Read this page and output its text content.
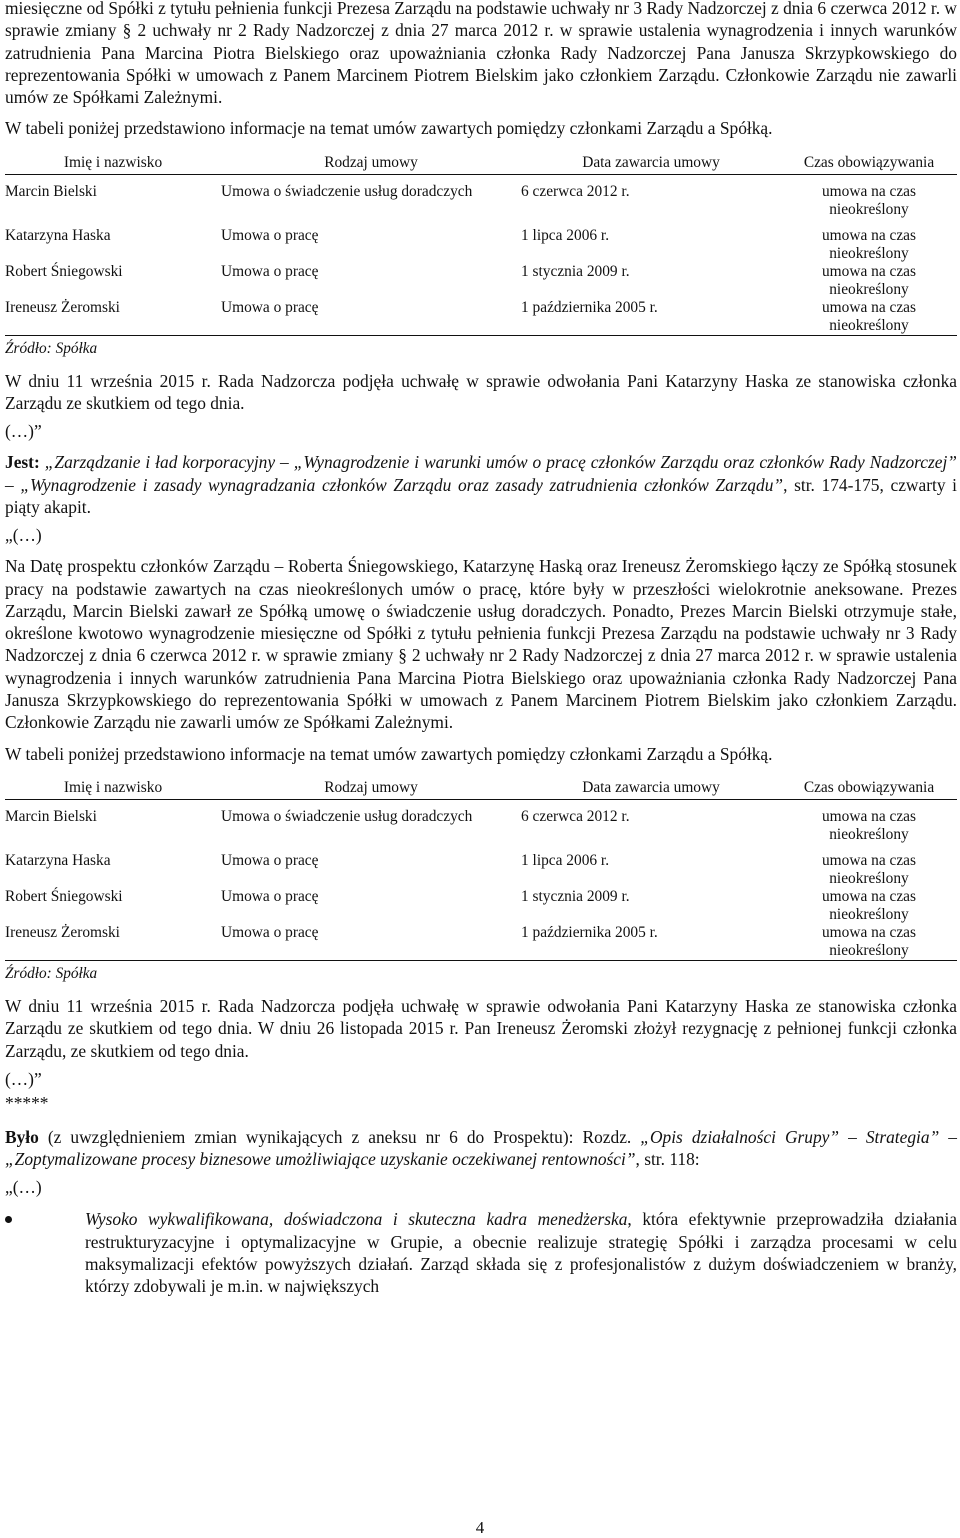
miesięczne od Spółki z tytułu pełnienia funkcji Prezesa Zarządu na podstawie uchwały nr 3 Rady Nadzorczej z dnia 6 czerwca 2012 r. w sprawie zmiany § 2 uchwały nr 2 Rady Nadzorczej z dnia 27 marca 2012 r. w sprawie ustalenia wynagrodzenia i innych warunków zatrudnienia Pana Marcina Piotra Bielskiego oraz upoważniania członka Rady Nadzorczej Pana Janusza Skrzypkowskiego do reprezentowania Spółki w umowach z Panem Marcinem Piotrem Bielskim jako członkiem Zarządu. Członkowie Zarządu nie zawarli umów ze Spółkami Zależnymi.

W tabeli poniżej przedstawiono informacje na temat umów zawartych pomiędzy członkami Zarządu a Spółką.

Imię i nazwisko	Rodzaj umowy	Data zawarcia umowy	Czas obowiązywania
Marcin Bielski	Umowa o świadczenie usług doradczych	6 czerwca 2012 r.	umowa na czas nieokreślony
Katarzyna Haska	Umowa o pracę	1 lipca 2006 r.	umowa na czas nieokreślony
Robert Śniegowski	Umowa o pracę	1 stycznia 2009 r.	umowa na czas nieokreślony
Ireneusz Żeromski	Umowa o pracę	1 października 2005 r.	umowa na czas nieokreślony
Źródło: Spółka

W dniu 11 września 2015 r. Rada Nadzorcza podjęła uchwałę w sprawie odwołania Pani Katarzyny Haska ze stanowiska członka Zarządu ze skutkiem od tego dnia.

(…)”

Jest: „Zarządzanie i ład korporacyjny – „Wynagrodzenie i warunki umów o pracę członków Zarządu oraz członków Rady Nadzorczej” – „Wynagrodzenie i zasady wynagradzania członków Zarządu oraz zasady zatrudnienia członków Zarządu”, str. 174-175, czwarty i piąty akapit.

„(…)

Na Datę prospektu członków Zarządu – Roberta Śniegowskiego, Katarzynę Haską oraz Ireneusz Żeromskiego łączy ze Spółką stosunek pracy na podstawie zawartych na czas nieokreślonych umów o pracę, które były w przeszłości wielokrotnie aneksowane. Prezes Zarządu, Marcin Bielski zawarł ze Spółką umowę o świadczenie usług doradczych. Ponadto, Prezes Marcin Bielski otrzymuje stałe, określone kwotowo wynagrodzenie miesięczne od Spółki z tytułu pełnienia funkcji Prezesa Zarządu na podstawie uchwały nr 3 Rady Nadzorczej z dnia 6 czerwca 2012 r. w sprawie zmiany § 2 uchwały nr 2 Rady Nadzorczej z dnia 27 marca 2012 r. w sprawie ustalenia wynagrodzenia i innych warunków zatrudnienia Pana Marcina Piotra Bielskiego oraz upoważniania członka Rady Nadzorczej Pana Janusza Skrzypkowskiego do reprezentowania Spółki w umowach z Panem Marcinem Piotrem Bielskim jako członkiem Zarządu. Członkowie Zarządu nie zawarli umów ze Spółkami Zależnymi.

W tabeli poniżej przedstawiono informacje na temat umów zawartych pomiędzy członkami Zarządu a Spółką.

Imię i nazwisko	Rodzaj umowy	Data zawarcia umowy	Czas obowiązywania
Marcin Bielski	Umowa o świadczenie usług doradczych	6 czerwca 2012 r.	umowa na czas nieokreślony
Katarzyna Haska	Umowa o pracę	1 lipca 2006 r.	umowa na czas nieokreślony
Robert Śniegowski	Umowa o pracę	1 stycznia 2009 r.	umowa na czas nieokreślony
Ireneusz Żeromski	Umowa o pracę	1 października 2005 r.	umowa na czas nieokreślony
Źródło: Spółka

W dniu 11 września 2015 r. Rada Nadzorcza podjęła uchwałę w sprawie odwołania Pani Katarzyny Haska ze stanowiska członka Zarządu ze skutkiem od tego dnia. W dniu 26 listopada 2015 r. Pan Ireneusz Żeromski złożył rezygnację z pełnionej funkcji członka Zarządu, ze skutkiem od tego dnia.

(…)”

*****

Było (z uwzględnieniem zmian wynikających z aneksu nr 6 do Prospektu): Rozdz. „Opis działalności Grupy” – Strategia” – „Zoptymalizowane procesy biznesowe umożliwiające uzyskanie oczekiwanej rentowności”, str. 118:

„(…)

Wysoko wykwalifikowana, doświadczona i skuteczna kadra menedżerska, która efektywnie przeprowadziła działania restrukturyzacyjne i optymalizacyjne w Grupie, a obecnie realizuje strategię Spółki i zarządza procesami w celu maksymalizacji efektów powyższych działań. Zarząd składa się z profesjonalistów z dużym doświadczeniem w branży, którzy zdobywali je m.in. w największych

4
